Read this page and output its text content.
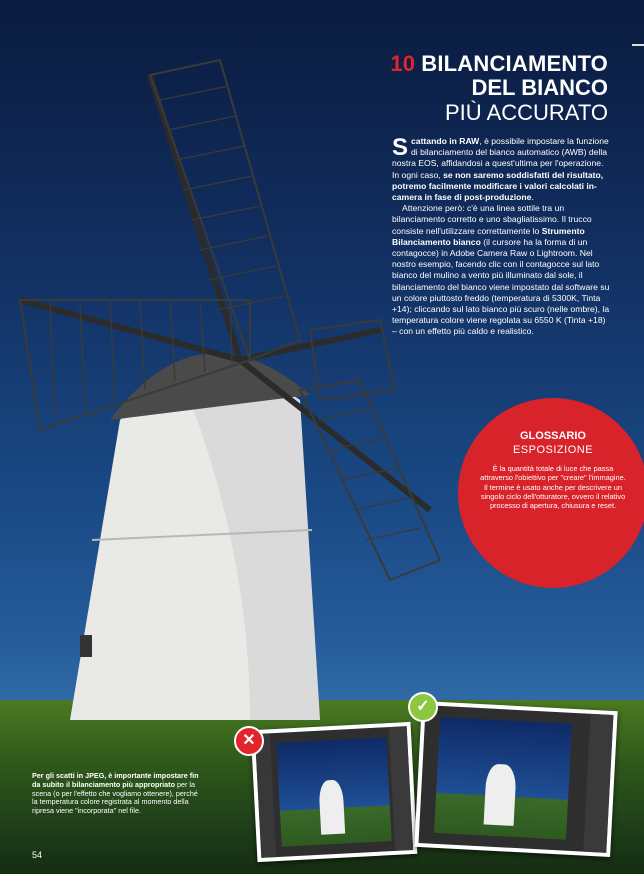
10 BILANCIAMENTO
DEL BIANCO
PIÙ ACCURATO

Scattando in RAW, è possibile impostare la funzione di bilanciamento del bianco automatico (AWB) della nostra EOS, affidandosi a quest'ultima per l'operazione. In ogni caso, se non saremo soddisfatti del risultato, potremo facilmente modificare i valori calcolati in-camera in fase di post-produzione.

Attenzione però: c'è una linea sottile tra un bilanciamento corretto e uno sbagliatissimo. Il trucco consiste nell'utilizzare correttamente lo Strumento Bilanciamento bianco (il cursore ha la forma di un contagocce) in Adobe Camera Raw o Lightroom. Nel nostro esempio, facendo clic con il contagocce sul lato bianco del mulino a vento più illuminato dal sole, il bilanciamento del bianco viene impostato dal software su un colore piuttosto freddo (temperatura di 5300K, Tinta +14); cliccando sul lato bianco più scuro (nelle ombre), la temperatura colore viene regolata su 6550 K (Tinta +18) – con un effetto più caldo e realistico.

GLOSSARIO
ESPOSIZIONE
È la quantità totale di luce che passa attraverso l'obiettivo per "creare" l'immagine. Il termine è usato anche per descrivere un singolo ciclo dell'otturatore, ovvero il relativo processo di apertura, chiusura e reset.
✕
✓
Per gli scatti in JPEG, è importante impostare fin da subito il bilanciamento più appropriato per la scena (o per l'effetto che vogliamo ottenere), perché la temperatura colore registrata al momento della ripresa viene "incorporata" nel file.
54
